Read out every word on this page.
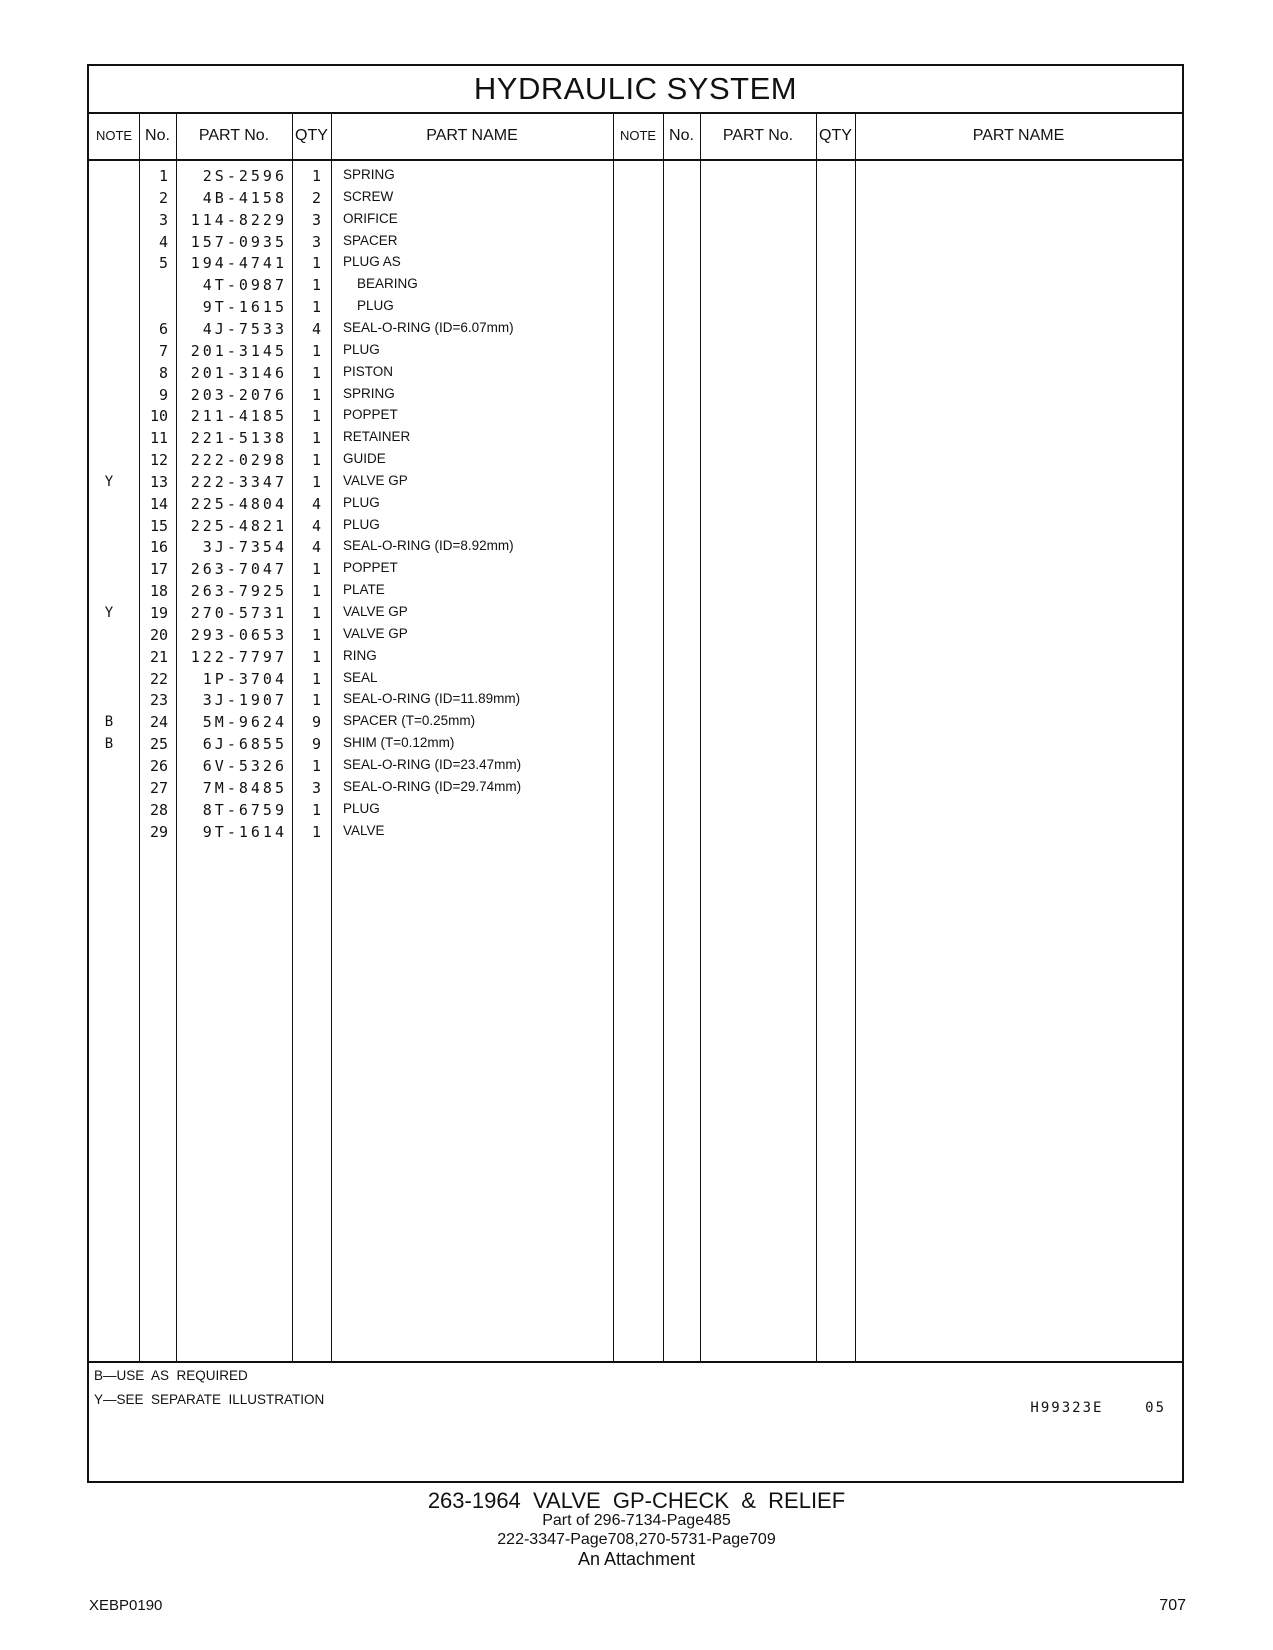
HYDRAULIC SYSTEM
NOTE No.	PART No.	QTY	PART NAME	NOTE No.	PART No.	QTY	PART NAME
1	2S-2596	1 SPRING
2	4B-4158	2 SCREW
3	114-8229	3 ORIFICE
4	157-0935	3 SPACER
5	194-4741	1 PLUG AS
4T-0987	1	BEARING
9T-1615	1	PLUG
6	4J-7533	4 SEAL-O-RING (ID=6.07mm)
7	201-3145	1 PLUG
8	201-3146	1 PISTON
9	203-2076	1 SPRING
10	211-4185	1 POPPET
11	221-5138	1 RETAINER
12	222-0298	1 GUIDE
Y	13	222-3347	1 VALVE GP
14	225-4804	4 PLUG
15	225-4821	4 PLUG
16	3J-7354	4 SEAL-O-RING (ID=8.92mm)
17	263-7047	1 POPPET
18	263-7925	1 PLATE
Y	19	270-5731	1 VALVE GP
20	293-0653	1 VALVE GP
21	122-7797	1 RING
22	1P-3704	1 SEAL
23	3J-1907	1 SEAL-O-RING (ID=11.89mm)
B	24	5M-9624	9 SPACER (T=0.25mm)
B	25	6J-6855	9 SHIM (T=0.12mm)
26	6V-5326	1 SEAL-O-RING (ID=23.47mm)
27	7M-8485	3 SEAL-O-RING (ID=29.74mm)
28	8T-6759	1 PLUG
29	9T-1614	1 VALVE
B—USE  AS  REQUIRED
Y—SEE  SEPARATE  ILLUSTRATION
H99323E    05
263-1964  VALVE  GP-CHECK  &  RELIEF
Part of 296-7134-Page485
222-3347-Page708,270-5731-Page709
An Attachment
XEBP0190	707
